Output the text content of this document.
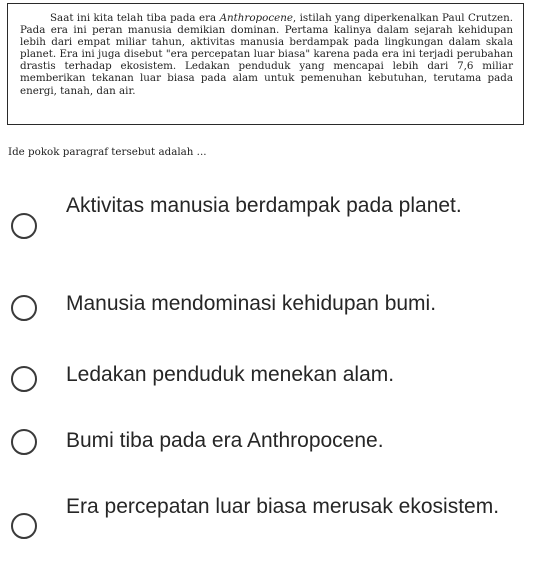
Saat ini kita telah tiba pada era Anthropocene, istilah yang diperkenalkan Paul Crutzen. Pada era ini peran manusia demikian dominan. Pertama kalinya dalam sejarah kehidupan lebih dari empat miliar tahun, aktivitas manusia berdampak pada lingkungan dalam skala planet. Era ini juga disebut "era percepatan luar biasa" karena pada era ini terjadi perubahan drastis terhadap ekosistem. Ledakan penduduk yang mencapai lebih dari 7,6 miliar memberikan tekanan luar biasa pada alam untuk pemenuhan kebutuhan, terutama pada energi, tanah, dan air.
Ide pokok paragraf tersebut adalah ...
Aktivitas manusia berdampak pada planet.
Manusia mendominasi kehidupan bumi.
Ledakan penduduk menekan alam.
Bumi tiba pada era Anthropocene.
Era percepatan luar biasa merusak ekosistem.
